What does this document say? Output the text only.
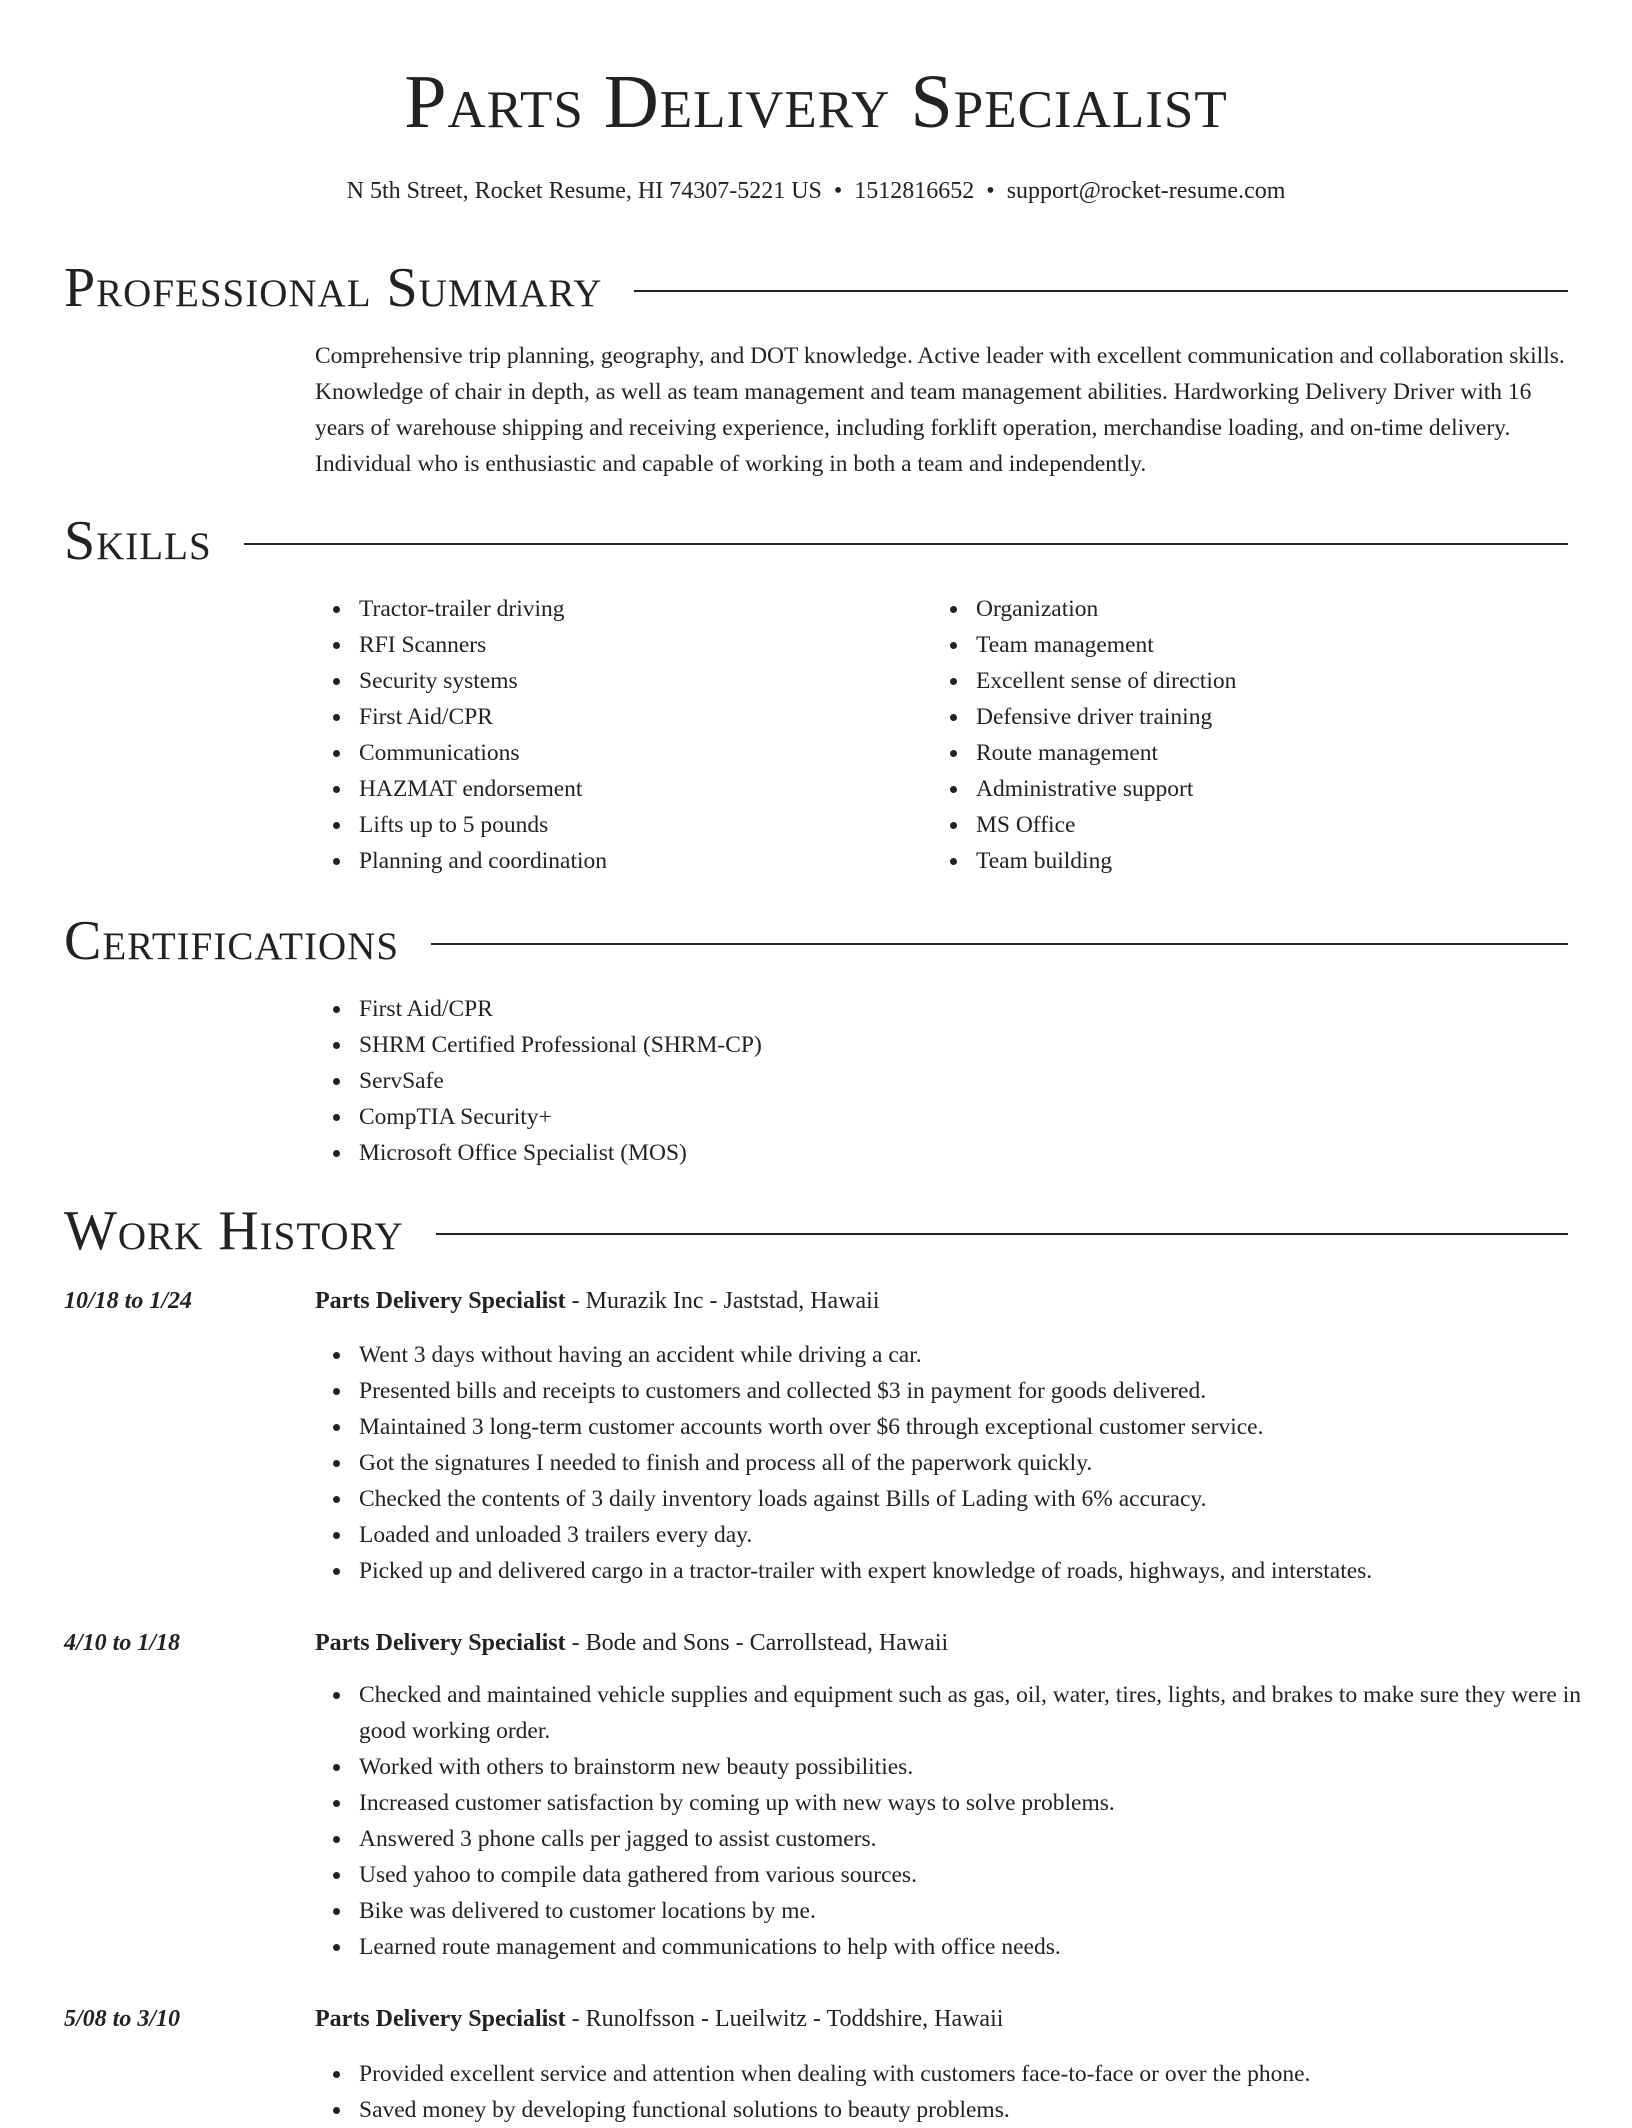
Parts Delivery Specialist
N 5th Street, Rocket Resume, HI 74307-5221 US • 1512816652 • support@rocket-resume.com
Professional Summary

Comprehensive trip planning, geography, and DOT knowledge. Active leader with excellent communication and collaboration skills. Knowledge of chair in depth, as well as team management and team management abilities. Hardworking Delivery Driver with 16 years of warehouse shipping and receiving experience, including forklift operation, merchandise loading, and on-time delivery. Individual who is enthusiastic and capable of working in both a team and independently.

Skills
Tractor-trailer driving
RFI Scanners
Security systems
First Aid/CPR
Communications
HAZMAT endorsement
Lifts up to 5 pounds
Planning and coordination
Organization
Team management
Excellent sense of direction
Defensive driver training
Route management
Administrative support
MS Office
Team building
Certifications
First Aid/CPR
SHRM Certified Professional (SHRM-CP)
ServSafe
CompTIA Security+
Microsoft Office Specialist (MOS)
Work History
10/18 to 1/24	Parts Delivery Specialist - Murazik Inc - Jaststad, Hawaii
Went 3 days without having an accident while driving a car.
Presented bills and receipts to customers and collected $3 in payment for goods delivered.
Maintained 3 long-term customer accounts worth over $6 through exceptional customer service.
Got the signatures I needed to finish and process all of the paperwork quickly.
Checked the contents of 3 daily inventory loads against Bills of Lading with 6% accuracy.
Loaded and unloaded 3 trailers every day.
Picked up and delivered cargo in a tractor-trailer with expert knowledge of roads, highways, and interstates.
4/10 to 1/18	Parts Delivery Specialist - Bode and Sons - Carrollstead, Hawaii
Checked and maintained vehicle supplies and equipment such as gas, oil, water, tires, lights, and brakes to make sure they were in good working order.
Worked with others to brainstorm new beauty possibilities.
Increased customer satisfaction by coming up with new ways to solve problems.
Answered 3 phone calls per jagged to assist customers.
Used yahoo to compile data gathered from various sources.
Bike was delivered to customer locations by me.
Learned route management and communications to help with office needs.
5/08 to 3/10	Parts Delivery Specialist - Runolfsson - Lueilwitz - Toddshire, Hawaii
Provided excellent service and attention when dealing with customers face-to-face or over the phone.
Saved money by developing functional solutions to beauty problems.
